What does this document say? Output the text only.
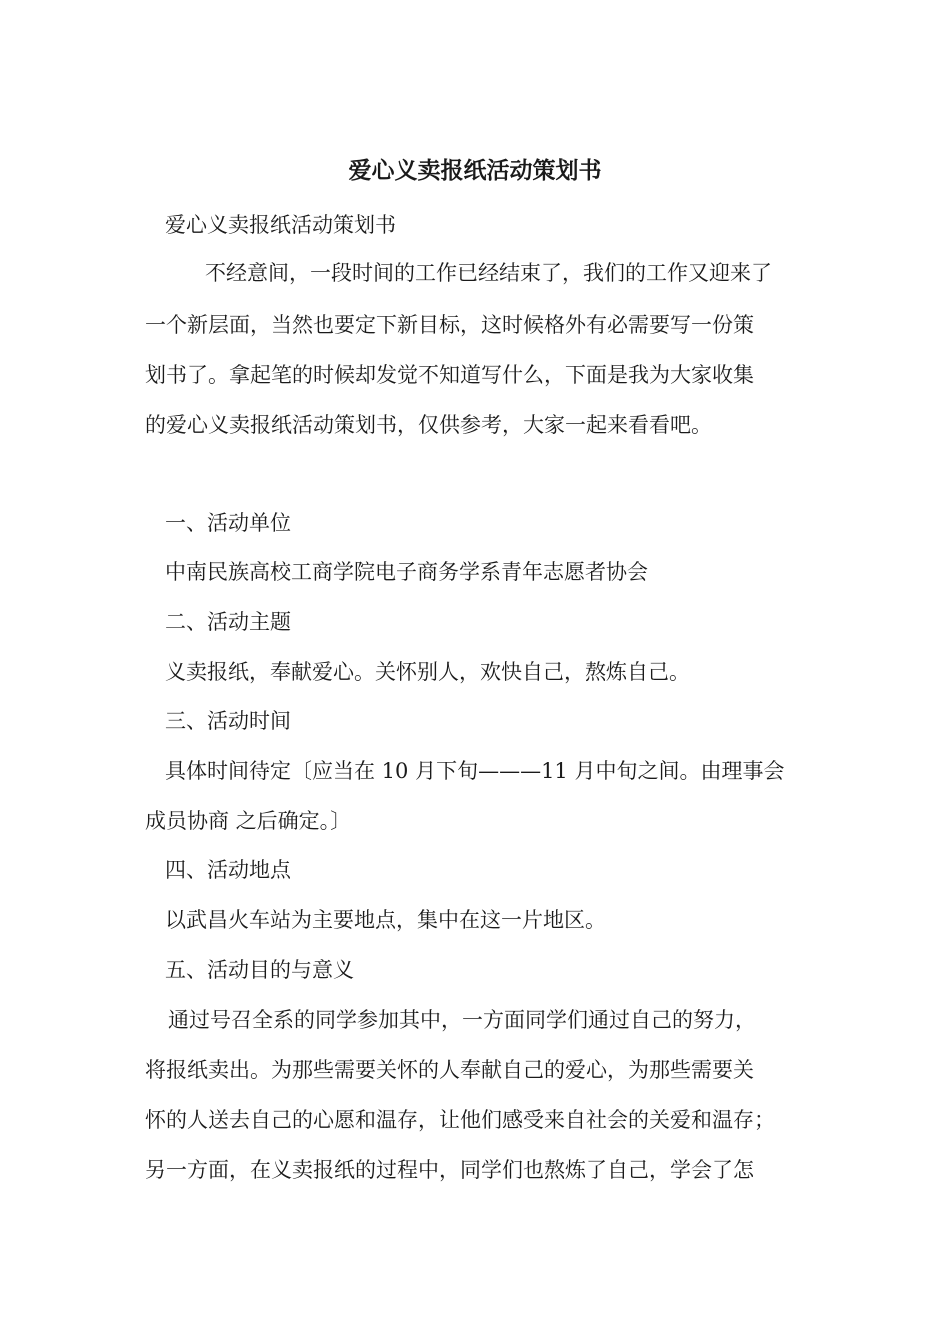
爱心义卖报纸活动策划书
爱心义卖报纸活动策划书
不经意间，一段时间的工作已经结束了，我们的工作又迎来了
一个新层面，当然也要定下新目标，这时候格外有必需要写一份策
划书了。拿起笔的时候却发觉不知道写什么，下面是我为大家收集
的爱心义卖报纸活动策划书，仅供参考，大家一起来看看吧。
一、活动单位
中南民族高校工商学院电子商务学系青年志愿者协会
二、活动主题
义卖报纸，奉献爱心。关怀别人，欢快自己，熬炼自己。
三、活动时间
具体时间待定〔应当在 10 月下旬———11 月中旬之间。由理事会
成员协商 之后确定。〕
四、活动地点
以武昌火车站为主要地点，集中在这一片地区。
五、活动目的与意义
通过号召全系的同学参加其中，一方面同学们通过自己的努力，
将报纸卖出。为那些需要关怀的人奉献自己的爱心，为那些需要关
怀的人送去自己的心愿和温存，让他们感受来自社会的关爱和温存；
另一方面，在义卖报纸的过程中，同学们也熬炼了自己，学会了怎
